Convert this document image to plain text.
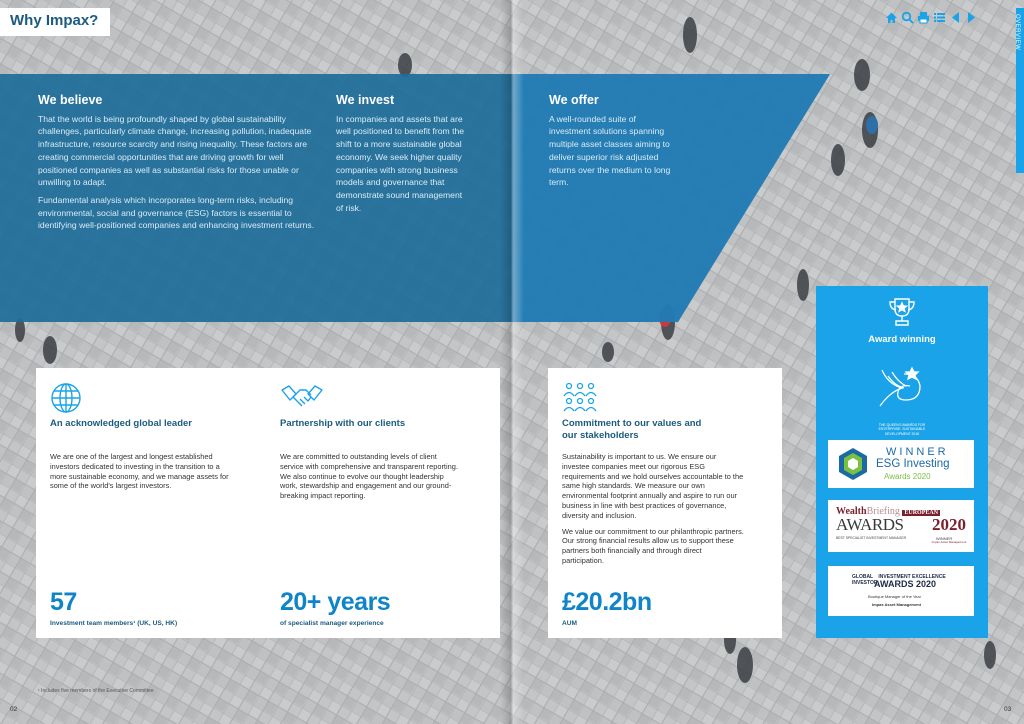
Why Impax?
We believe

That the world is being profoundly shaped by global sustainability challenges, particularly climate change, increasing pollution, inadequate infrastructure, resource scarcity and rising inequality. These factors are creating commercial opportunities that are driving growth for well positioned companies as well as substantial risks for those unable or unwilling to adapt.

Fundamental analysis which incorporates long-term risks, including environmental, social and governance (ESG) factors is essential to identifying well-positioned companies and enhancing investment returns.

We invest

In companies and assets that are well positioned to benefit from the shift to a more sustainable global economy. We seek higher quality companies with strong business models and governance that demonstrate sound management of risk.

We offer

A well-rounded suite of investment solutions spanning multiple asset classes aiming to deliver superior risk adjusted returns over the medium to long term.

OVERVIEW
An acknowledged global leader

We are one of the largest and longest established investors dedicated to investing in the transition to a more sustainable economy, and we manage assets for some of the world's largest investors.

57
Investment team members¹ (UK, US, HK)
Partnership with our clients

We are committed to outstanding levels of client service with comprehensive and transparent reporting. We also continue to evolve our thought leadership work, stewardship and engagement and our ground-breaking impact reporting.

20+ years
of specialist manager experience
Commitment to our values and our stakeholders

Sustainability is important to us. We ensure our investee companies meet our rigorous ESG requirements and we hold ourselves accountable to the same high standards. We measure our own environmental footprint annually and aspire to run our business in line with best practices of governance, diversity and inclusion.

We value our commitment to our philanthropic partners. Our strong financial results allow us to support these partners both financially and through direct participation.

£20.2bn
AUM
Award winning
THE QUEEN'S AWARDS FOR ENTERPRISE: SUSTAINABLE DEVELOPMENT 2018
WINNER
ESG Investing
Awards 2020
WealthBriefing EUROPEAN
AWARDS 2020
BEST SPECIALIST INVESTMENT MANAGER	WINNER
Impax Asset Management
GLOBAL INVESTMENT EXCELLENCE
INVESTOR
AWARDS 2020
Boutique Manager of the Year
Impax Asset Management
¹ Includes five members of the Executive Committee
02	03
